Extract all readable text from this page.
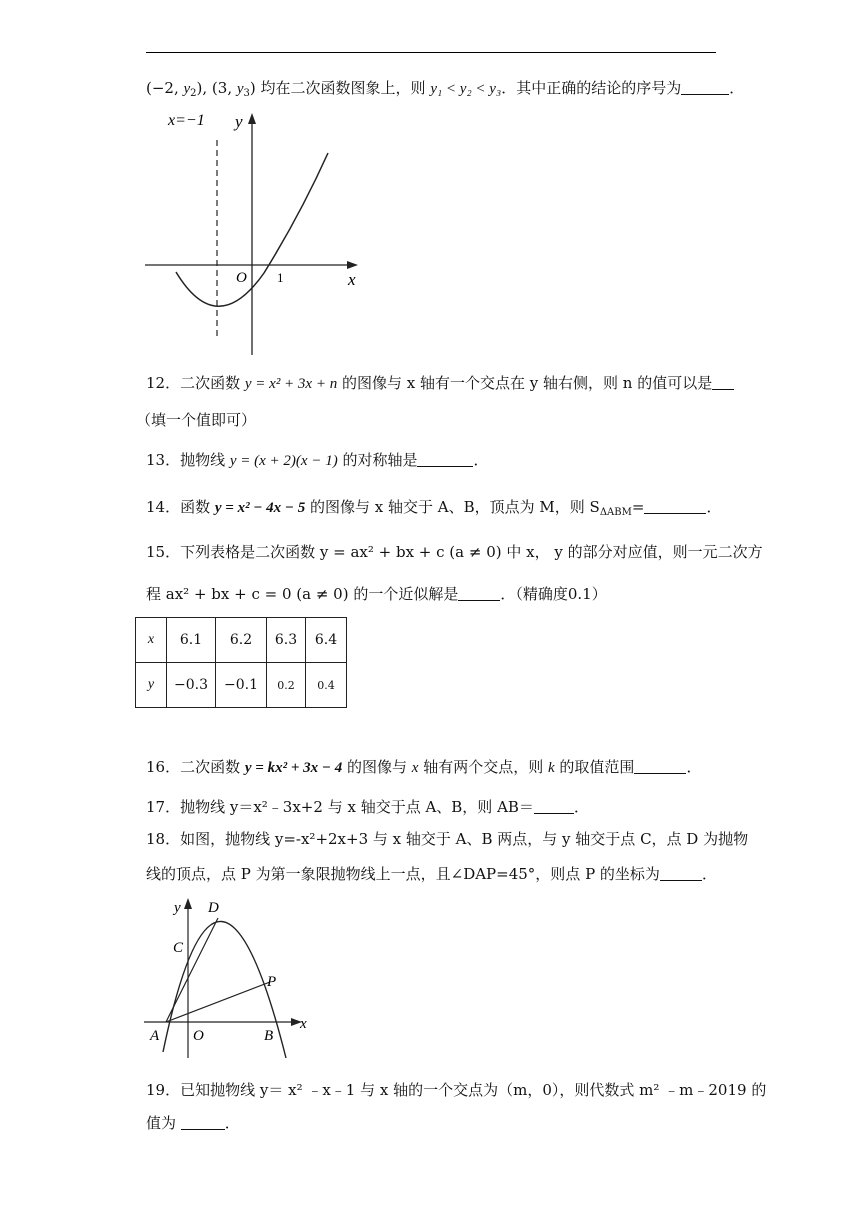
(−2, $y_2$), (3, $y_3$) 均在二次函数图象上，则 y₁ < y₂ < y₃．其中正确的结论的序号为	．
x=−1 y
x
O 1
12．二次函数 y = x² + 3x + n 的图像与 x 轴有一个交点在 y 轴右侧，则 n 的值可以是
（填一个值即可）
13．抛物线 y = (x + 2)(x − 1) 的对称轴是	．
14．函数 y = x² − 4x − 5 的图像与 x 轴交于 A、B，顶点为 M，则 $S_{\Delta ABM}=$	．
15．下列表格是二次函数 y = ax² + bx + c (a ≠ 0) 中 x， y 的部分对应值，则一元二次方
程 ax² + bx + c = 0 (a ≠ 0) 的一个近似解是	．（精确度0.1）
x	6.1	6.2	6.3	6.4
y	−0.3	−0.1	0.2	0.4
16．二次函数 y = kx² + 3x − 4 的图像与 x 轴有两个交点，则 k 的取值范围	．
17．抛物线 y＝x²﹣3x+2 与 x 轴交于点 A、B，则 AB＝	．
18．如图，抛物线 y=-x²+2x+3 与 x 轴交于 A、B 两点，与 y 轴交于点 C，点 D 为抛物
线的顶点，点 P 为第一象限抛物线上一点，且∠DAP=45°，则点 P 的坐标为	．
y
x
A O	B
C
D
P
19．已知抛物线 y＝ x² ﹣x﹣1 与 x 轴的一个交点为（m，0），则代数式 m² ﹣m﹣2019 的
值为	．
